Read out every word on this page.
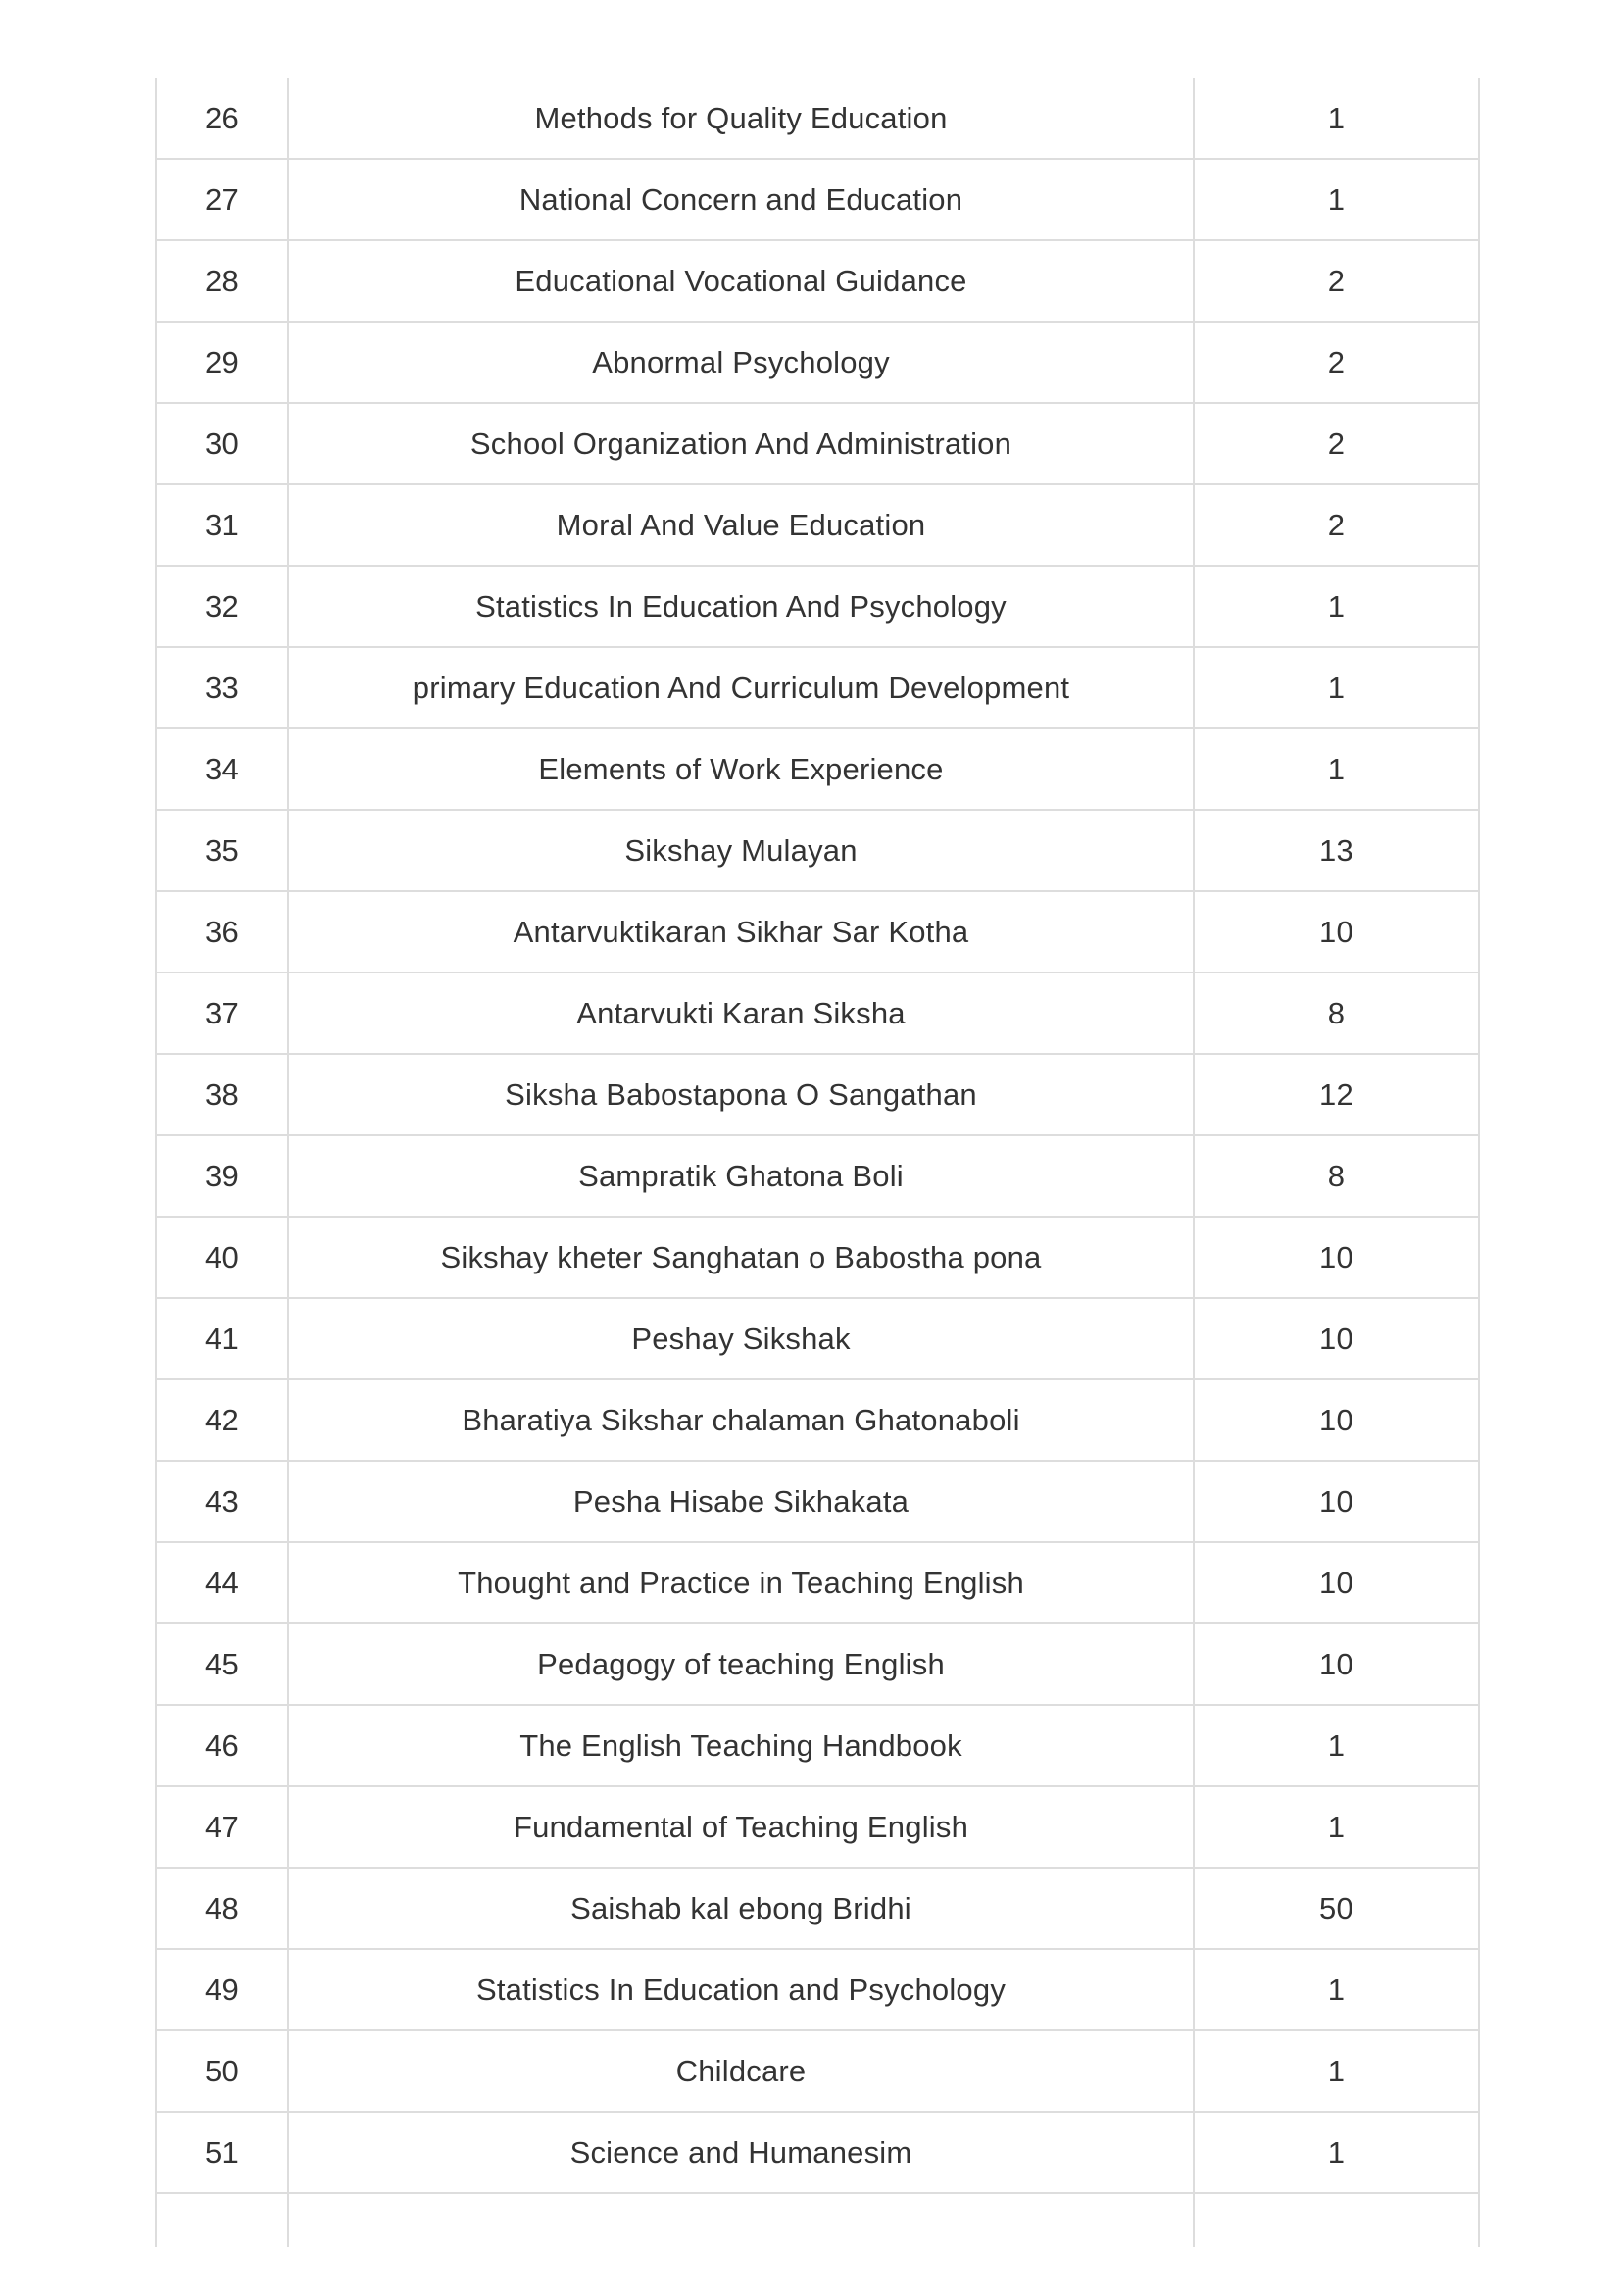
26	Methods for Quality Education	1
27	National Concern and Education	1
28	Educational Vocational Guidance	2
29	Abnormal Psychology	2
30	School Organization And Administration	2
31	Moral And Value Education	2
32	Statistics In Education And Psychology	1
33	primary Education And Curriculum Development	1
34	Elements of Work Experience	1
35	Sikshay Mulayan	13
36	Antarvuktikaran Sikhar Sar Kotha	10
37	Antarvukti Karan Siksha	8
38	Siksha Babostapona O Sangathan	12
39	Sampratik Ghatona Boli	8
40	Sikshay kheter Sanghatan o Babostha pona	10
41	Peshay Sikshak	10
42	Bharatiya Sikshar chalaman Ghatonaboli	10
43	Pesha Hisabe Sikhakata	10
44	Thought and Practice in Teaching English	10
45	Pedagogy of teaching English	10
46	The English Teaching Handbook	1
47	Fundamental of Teaching English	1
48	Saishab kal ebong Bridhi	50
49	Statistics In Education and Psychology	1
50	Childcare	1
51	Science and Humanesim	1
